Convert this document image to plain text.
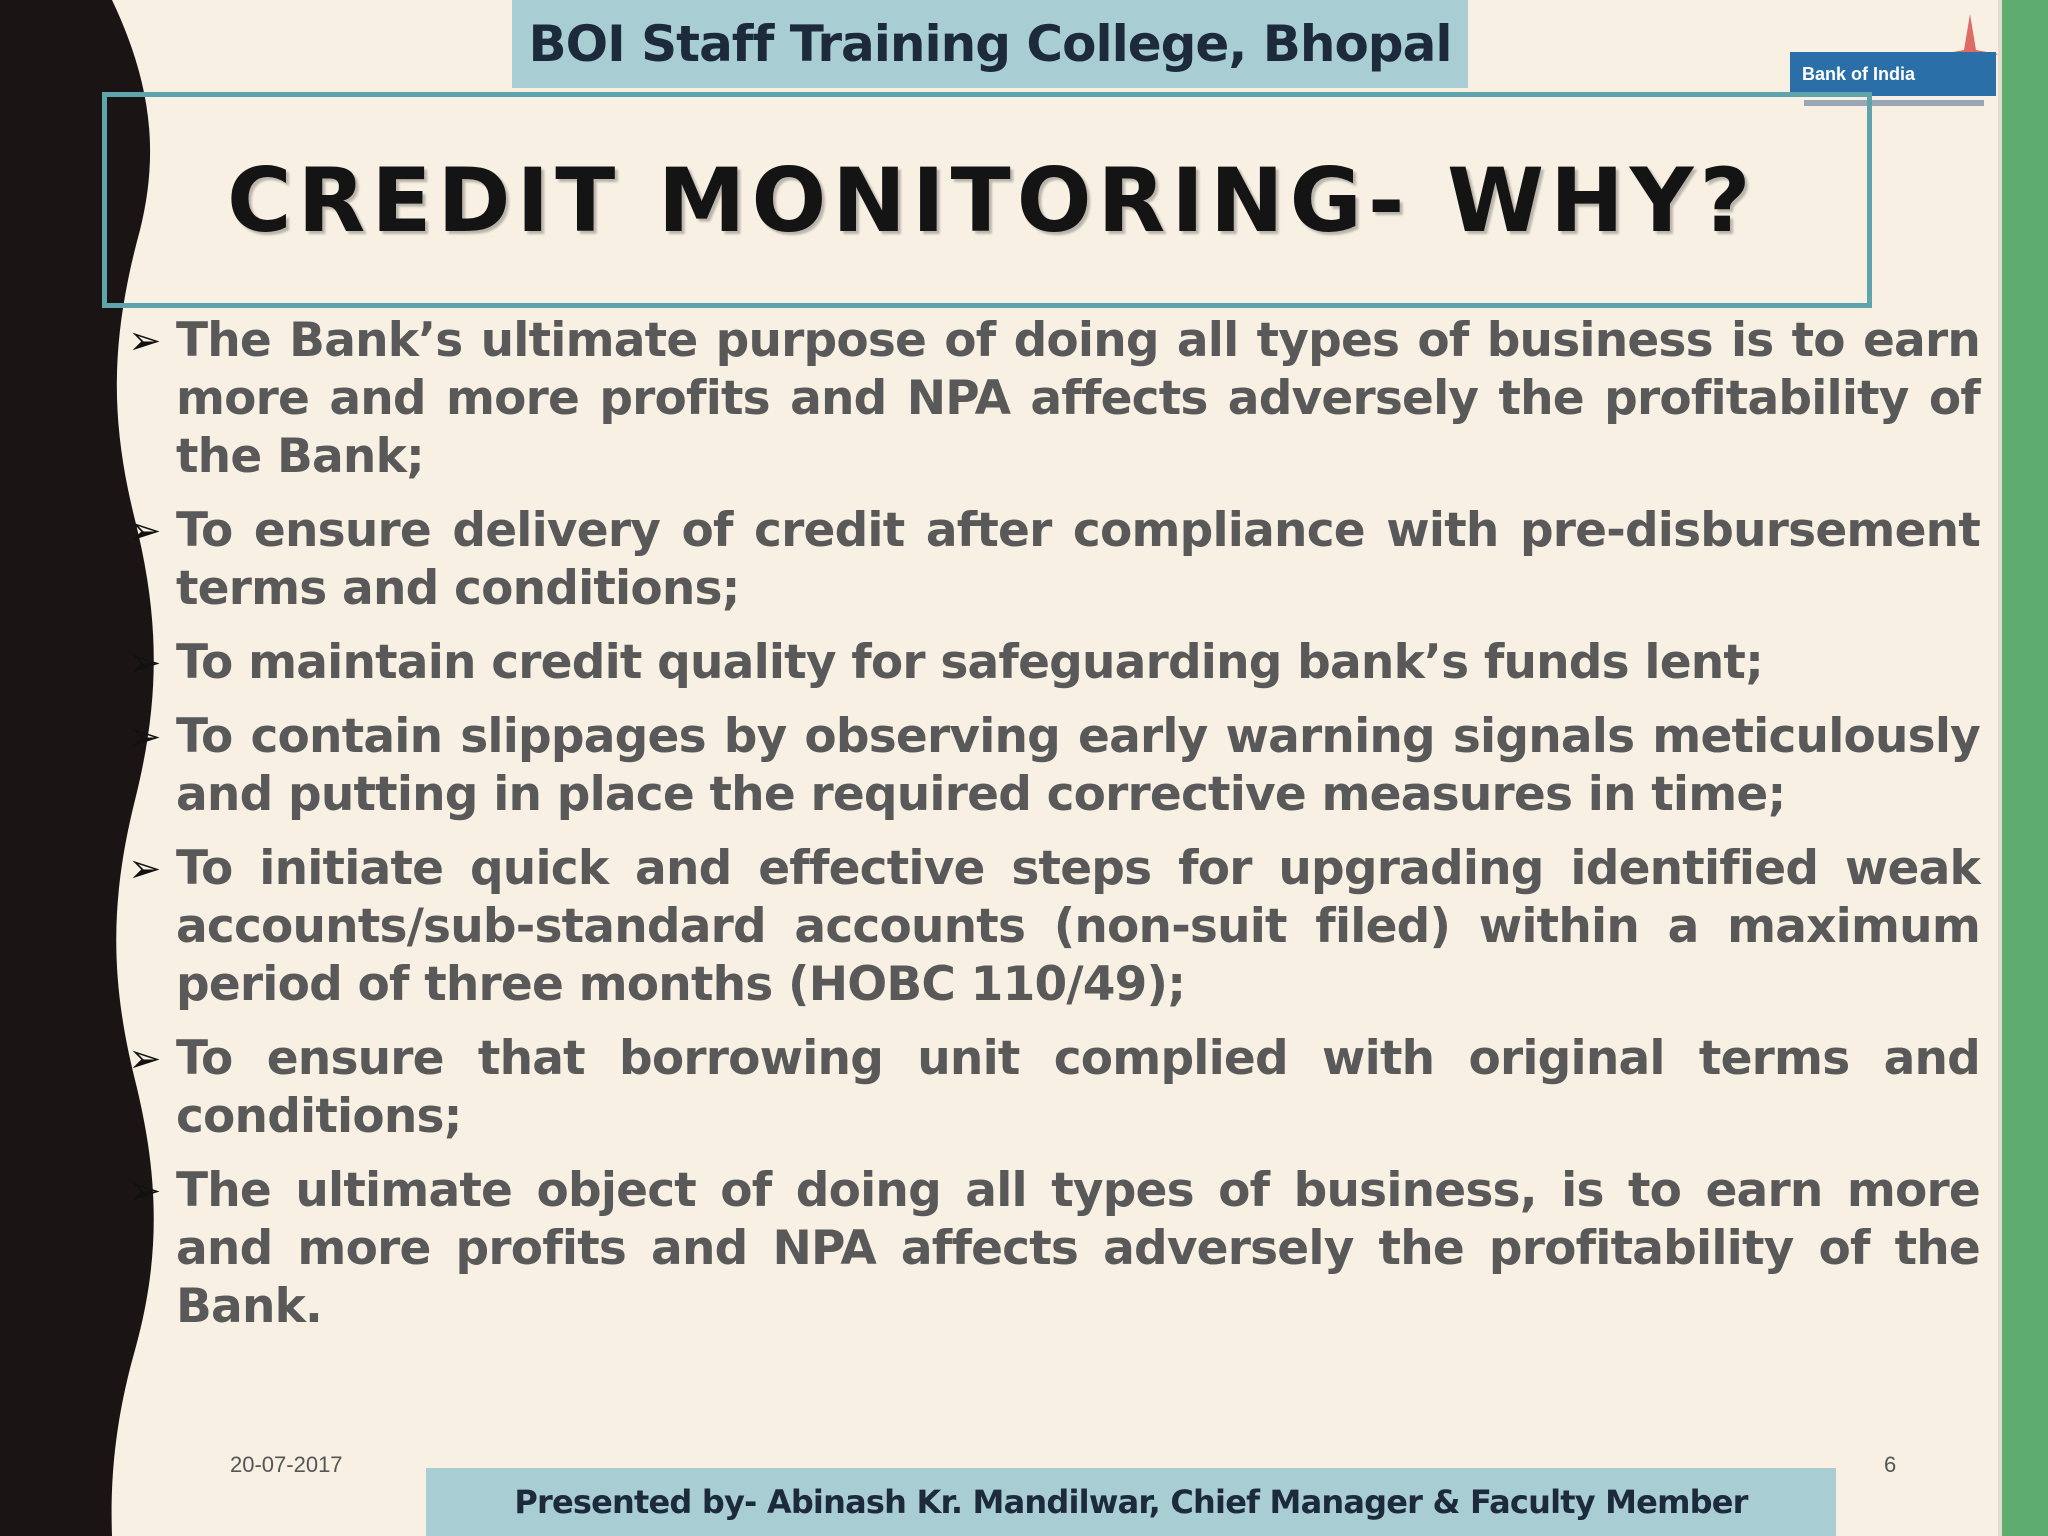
BOI Staff Training College, Bhopal
Bank of India
CREDIT MONITORING- WHY?
➢ The Bank’s ultimate purpose of doing all types of business is to earn more and more profits and NPA affects adversely the profitability of the Bank;
➢ To ensure delivery of credit after compliance with pre-disbursement terms and conditions;
➢ To maintain credit quality for safeguarding bank’s funds lent;
➢ To contain slippages by observing early warning signals meticulously and putting in place the required corrective measures in time;
➢ To initiate quick and effective steps for upgrading identified weak accounts/sub-standard accounts (non-suit filed) within a maximum period of three months (HOBC 110/49);
➢ To ensure that borrowing unit complied with original terms and conditions;
➢ The ultimate object of doing all types of business, is to earn more and more profits and NPA affects adversely the profitability of the Bank.
20-07-2017	6
Presented by- Abinash Kr. Mandilwar, Chief Manager & Faculty Member
